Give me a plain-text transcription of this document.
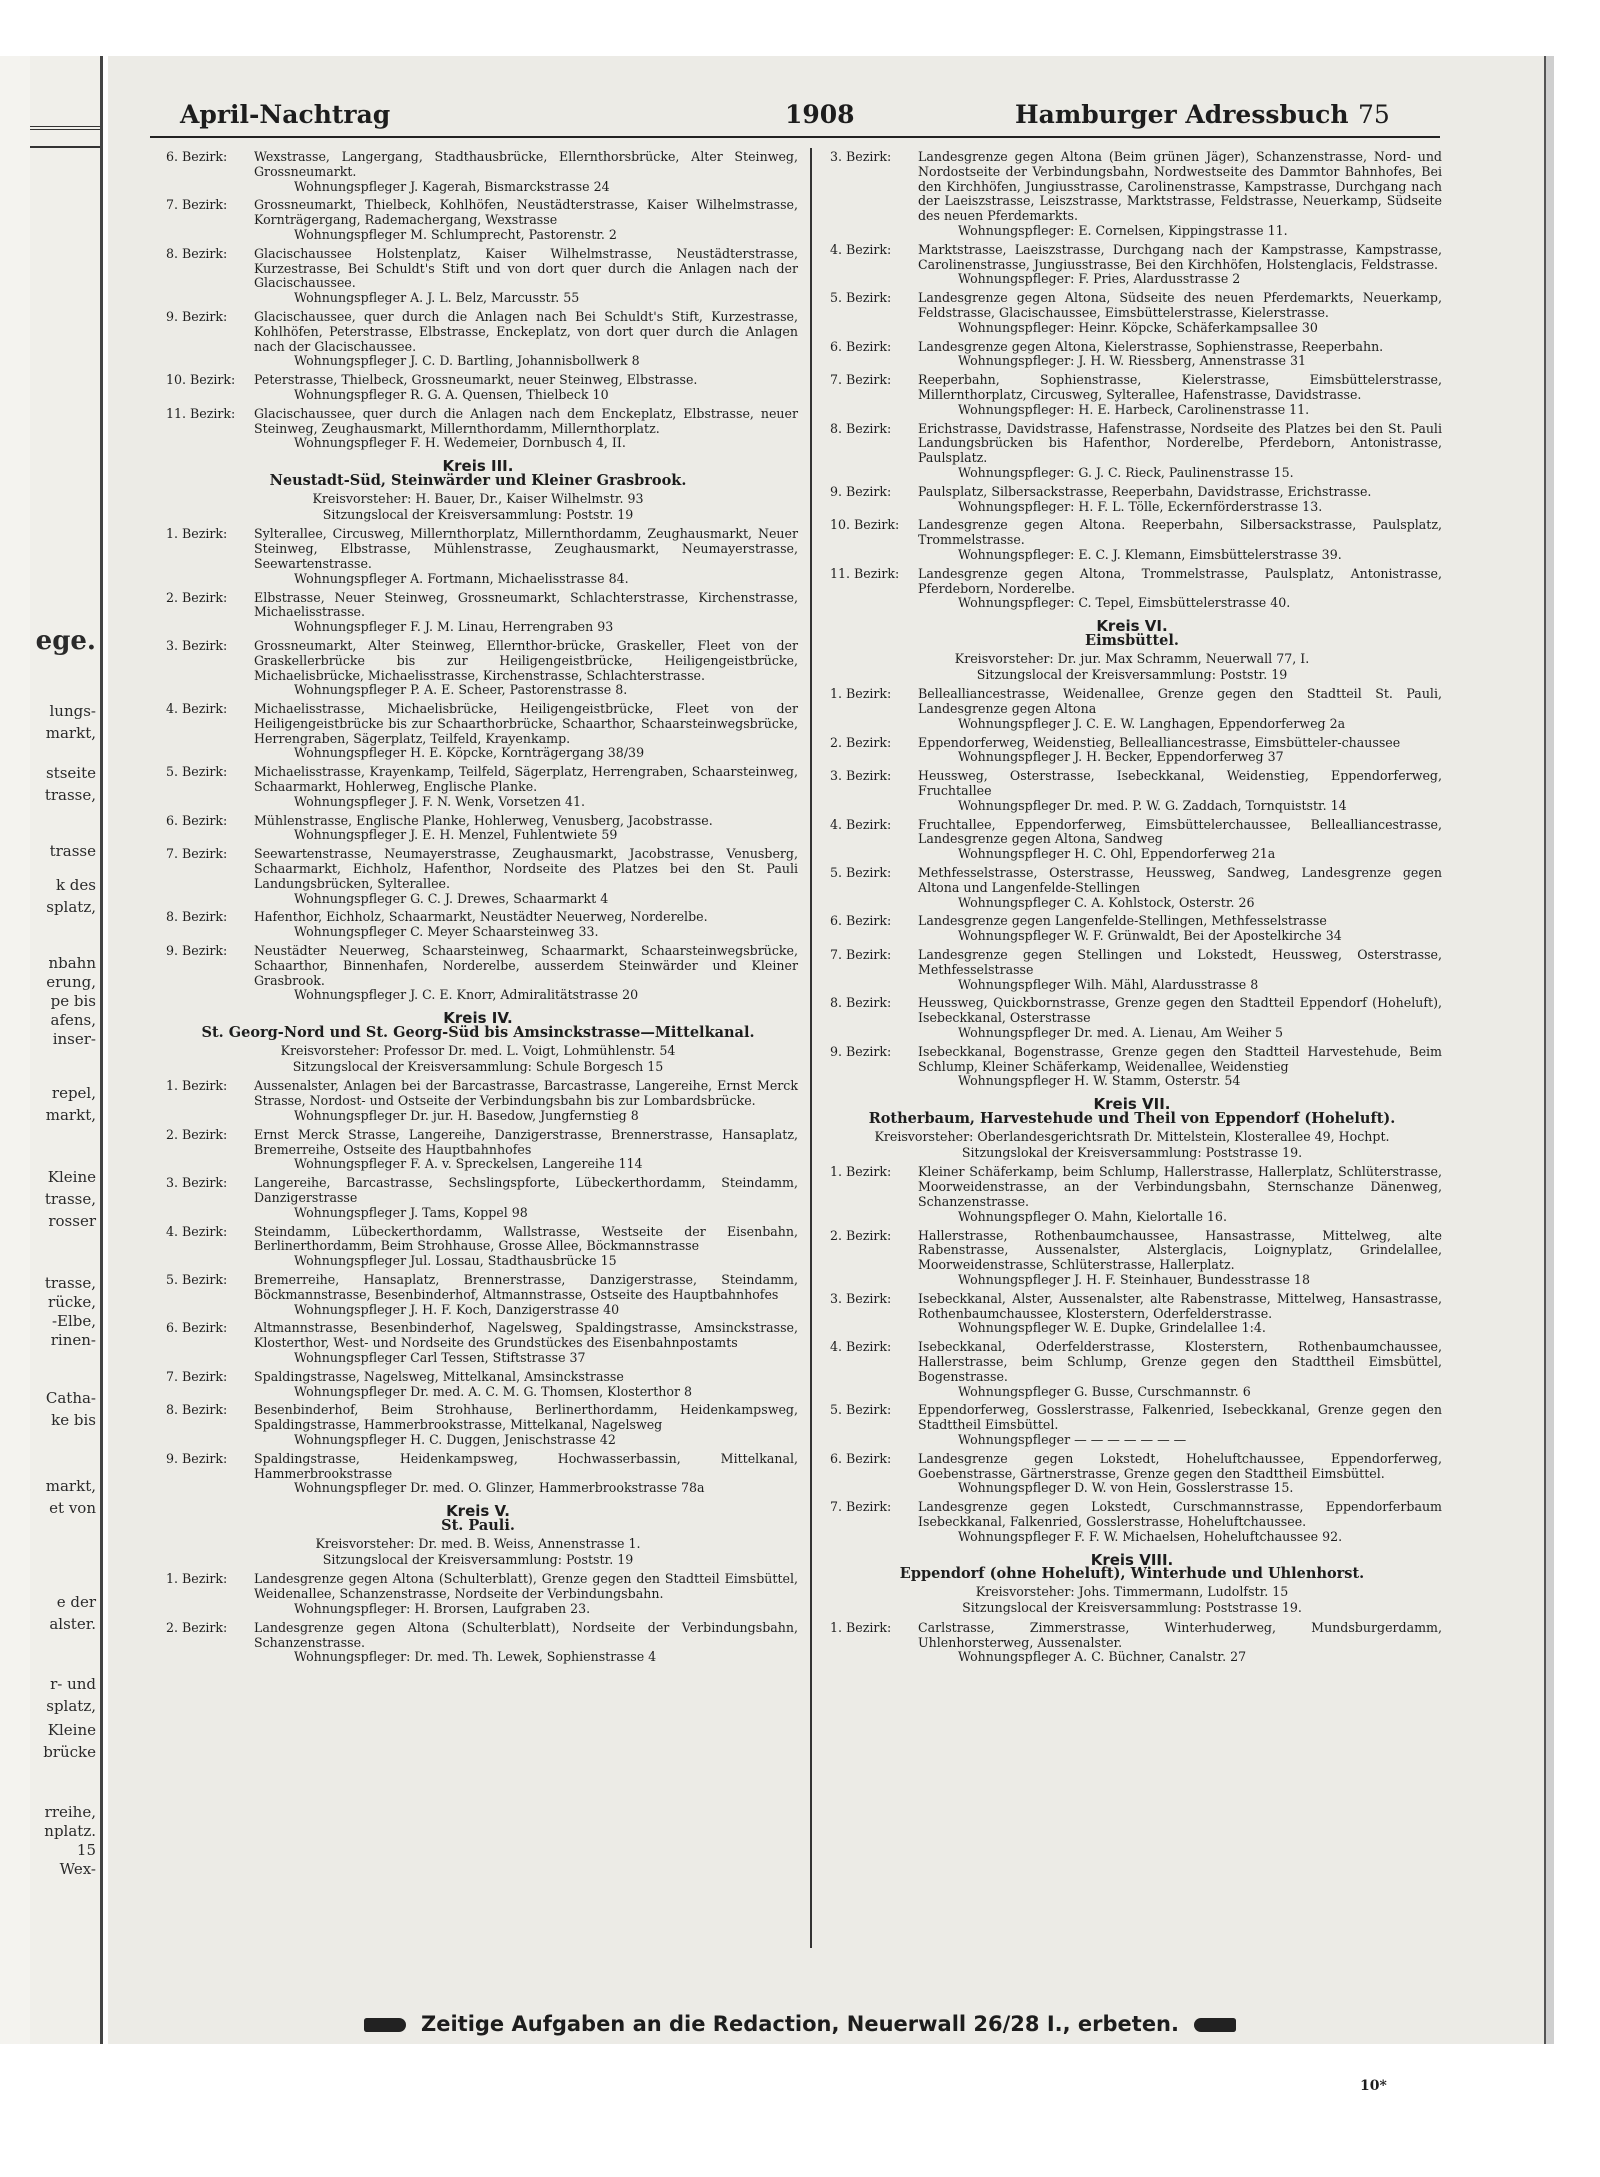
ege.
lungs-
markt,
stseite
trasse,
trasse
k des
splatz,
nbahn
erung,
pe bis
afens,
inser-
repel,
markt,
Kleine
trasse,
rosser
trasse,
rücke,
-Elbe,
rinen-
Catha-
ke bis
markt,
et von
e der
alster.
r- und
splatz,
Kleine
brücke
rreihe,
nplatz.
15
Wex-
April-Nachtrag	1908	Hamburger Adressbuch 75
6. Bezirk:	Wexstrasse, Langergang, Stadthausbrücke, Ellernthorsbrücke, Alter Steinweg, Grossneumarkt.
Wohnungspfleger J. Kagerah, Bismarckstrasse 24
7. Bezirk:	Grossneumarkt, Thielbeck, Kohlhöfen, Neustädterstrasse, Kaiser Wilhelmstrasse, Kornträgergang, Rademachergang, Wexstrasse
Wohnungspfleger M. Schlumprecht, Pastorenstr. 2
8. Bezirk:	Glacischaussee Holstenplatz, Kaiser Wilhelmstrasse, Neustädterstrasse, Kurzestrasse, Bei Schuldt's Stift und von dort quer durch die Anlagen nach der Glacischaussee.
Wohnungspfleger A. J. L. Belz, Marcusstr. 55
9. Bezirk:	Glacischaussee, quer durch die Anlagen nach Bei Schuldt's Stift, Kurzestrasse, Kohlhöfen, Peterstrasse, Elbstrasse, Enckeplatz, von dort quer durch die Anlagen nach der Glacischaussee.
Wohnungspfleger J. C. D. Bartling, Johannisbollwerk 8
10. Bezirk:	Peterstrasse, Thielbeck, Grossneumarkt, neuer Steinweg, Elbstrasse.
Wohnungspfleger R. G. A. Quensen, Thielbeck 10
11. Bezirk:	Glacischaussee, quer durch die Anlagen nach dem Enckeplatz, Elbstrasse, neuer Steinweg, Zeughausmarkt, Millernthordamm, Millernthorplatz.
Wohnungspfleger F. H. Wedemeier, Dornbusch 4, II.
Kreis III.
Neustadt-Süd, Steinwärder und Kleiner Grasbrook.
Kreisvorsteher: H. Bauer, Dr., Kaiser Wilhelmstr. 93
Sitzungslocal der Kreisversammlung: Poststr. 19
1. Bezirk:	Sylterallee, Circusweg, Millernthorplatz, Millernthordamm, Zeughausmarkt, Neuer Steinweg, Elbstrasse, Mühlenstrasse, Zeughausmarkt, Neumayerstrasse, Seewartenstrasse.
Wohnungspfleger A. Fortmann, Michaelisstrasse 84.
2. Bezirk:	Elbstrasse, Neuer Steinweg, Grossneumarkt, Schlachterstrasse, Kirchenstrasse, Michaelisstrasse.
Wohnungspfleger F. J. M. Linau, Herrengraben 93
3. Bezirk:	Grossneumarkt, Alter Steinweg, Ellernthor-brücke, Graskeller, Fleet von der Graskellerbrücke bis zur Heiligengeistbrücke, Heiligengeistbrücke, Michaelisbrücke, Michaelisstrasse, Kirchenstrasse, Schlachterstrasse.
Wohnungspfleger P. A. E. Scheer, Pastorenstrasse 8.
4. Bezirk:	Michaelisstrasse, Michaelisbrücke, Heiligengeistbrücke, Fleet von der Heiligengeistbrücke bis zur Schaarthorbrücke, Schaarthor, Schaarsteinwegsbrücke, Herrengraben, Sägerplatz, Teilfeld, Krayenkamp.
Wohnungspfleger H. E. Köpcke, Kornträgergang 38/39
5. Bezirk:	Michaelisstrasse, Krayenkamp, Teilfeld, Sägerplatz, Herrengraben, Schaarsteinweg, Schaarmarkt, Hohlerweg, Englische Planke.
Wohnungspfleger J. F. N. Wenk, Vorsetzen 41.
6. Bezirk:	Mühlenstrasse, Englische Planke, Hohlerweg, Venusberg, Jacobstrasse.
Wohnungspfleger J. E. H. Menzel, Fuhlentwiete 59
7. Bezirk:	Seewartenstrasse, Neumayerstrasse, Zeughausmarkt, Jacobstrasse, Venusberg, Schaarmarkt, Eichholz, Hafenthor, Nordseite des Platzes bei den St. Pauli Landungsbrücken, Sylterallee.
Wohnungspfleger G. C. J. Drewes, Schaarmarkt 4
8. Bezirk:	Hafenthor, Eichholz, Schaarmarkt, Neustädter Neuerweg, Norderelbe.
Wohnungspfleger C. Meyer Schaarsteinweg 33.
9. Bezirk:	Neustädter Neuerweg, Schaarsteinweg, Schaarmarkt, Schaarsteinwegsbrücke, Schaarthor, Binnenhafen, Norderelbe, ausserdem Steinwärder und Kleiner Grasbrook.
Wohnungspfleger J. C. E. Knorr, Admiralitätstrasse 20
Kreis IV.
St. Georg-Nord und St. Georg-Süd bis Amsinckstrasse—Mittelkanal.
Kreisvorsteher: Professor Dr. med. L. Voigt, Lohmühlenstr. 54
Sitzungslocal der Kreisversammlung: Schule Borgesch 15
1. Bezirk:	Aussenalster, Anlagen bei der Barcastrasse, Barcastrasse, Langereihe, Ernst Merck Strasse, Nordost- und Ostseite der Verbindungsbahn bis zur Lombardsbrücke.
Wohnungspfleger Dr. jur. H. Basedow, Jungfernstieg 8
2. Bezirk:	Ernst Merck Strasse, Langereihe, Danzigerstrasse, Brennerstrasse, Hansaplatz, Bremerreihe, Ostseite des Hauptbahnhofes
Wohnungspfleger F. A. v. Spreckelsen, Langereihe 114
3. Bezirk:	Langereihe, Barcastrasse, Sechslingspforte, Lübeckerthordamm, Steindamm, Danzigerstrasse
Wohnungspfleger J. Tams, Koppel 98
4. Bezirk:	Steindamm, Lübeckerthordamm, Wallstrasse, Westseite der Eisenbahn, Berlinerthordamm, Beim Strohhause, Grosse Allee, Böckmannstrasse
Wohnungspfleger Jul. Lossau, Stadthausbrücke 15
5. Bezirk:	Bremerreihe, Hansaplatz, Brennerstrasse, Danzigerstrasse, Steindamm, Böckmannstrasse, Besenbinderhof, Altmannstrasse, Ostseite des Hauptbahnhofes
Wohnungspfleger J. H. F. Koch, Danzigerstrasse 40
6. Bezirk:	Altmannstrasse, Besenbinderhof, Nagelsweg, Spaldingstrasse, Amsinckstrasse, Klosterthor, West- und Nordseite des Grundstückes des Eisenbahnpostamts
Wohnungspfleger Carl Tessen, Stiftstrasse 37
7. Bezirk:	Spaldingstrasse, Nagelsweg, Mittelkanal, Amsinckstrasse
Wohnungspfleger Dr. med. A. C. M. G. Thomsen, Klosterthor 8
8. Bezirk:	Besenbinderhof, Beim Strohhause, Berlinerthordamm, Heidenkampsweg, Spaldingstrasse, Hammerbrookstrasse, Mittelkanal, Nagelsweg
Wohnungspfleger H. C. Duggen, Jenischstrasse 42
9. Bezirk:	Spaldingstrasse, Heidenkampsweg, Hochwasserbassin, Mittelkanal, Hammerbrookstrasse
Wohnungspfleger Dr. med. O. Glinzer, Hammerbrookstrasse 78a
Kreis V.
St. Pauli.
Kreisvorsteher: Dr. med. B. Weiss, Annenstrasse 1.
Sitzungslocal der Kreisversammlung: Poststr. 19
1. Bezirk:	Landesgrenze gegen Altona (Schulterblatt), Grenze gegen den Stadtteil Eimsbüttel, Weidenallee, Schanzenstrasse, Nordseite der Verbindungsbahn.
Wohnungspfleger: H. Brorsen, Laufgraben 23.
2. Bezirk:	Landesgrenze gegen Altona (Schulterblatt), Nordseite der Verbindungsbahn, Schanzenstrasse.
Wohnungspfleger: Dr. med. Th. Lewek, Sophienstrasse 4
3. Bezirk:	Landesgrenze gegen Altona (Beim grünen Jäger), Schanzenstrasse, Nord- und Nordostseite der Verbindungsbahn, Nordwestseite des Dammtor Bahnhofes, Bei den Kirchhöfen, Jungiusstrasse, Carolinenstrasse, Kampstrasse, Durchgang nach der Laeiszstrasse, Leiszstrasse, Marktstrasse, Feldstrasse, Neuerkamp, Südseite des neuen Pferdemarkts.
Wohnungspfleger: E. Cornelsen, Kippingstrasse 11.
4. Bezirk:	Marktstrasse, Laeiszstrasse, Durchgang nach der Kampstrasse, Kampstrasse, Carolinenstrasse, Jungiusstrasse, Bei den Kirchhöfen, Holstenglacis, Feldstrasse.
Wohnungspfleger: F. Pries, Alardusstrasse 2
5. Bezirk:	Landesgrenze gegen Altona, Südseite des neuen Pferdemarkts, Neuerkamp, Feldstrasse, Glacischaussee, Eimsbüttelerstrasse, Kielerstrasse.
Wohnungspfleger: Heinr. Köpcke, Schäferkampsallee 30
6. Bezirk:	Landesgrenze gegen Altona, Kielerstrasse, Sophienstrasse, Reeperbahn.
Wohnungspfleger: J. H. W. Riessberg, Annenstrasse 31
7. Bezirk:	Reeperbahn, Sophienstrasse, Kielerstrasse, Eimsbüttelerstrasse, Millernthorplatz, Circusweg, Sylterallee, Hafenstrasse, Davidstrasse.
Wohnungspfleger: H. E. Harbeck, Carolinenstrasse 11.
8. Bezirk:	Erichstrasse, Davidstrasse, Hafenstrasse, Nordseite des Platzes bei den St. Pauli Landungsbrücken bis Hafenthor, Norderelbe, Pferdeborn, Antonistrasse, Paulsplatz.
Wohnungspfleger: G. J. C. Rieck, Paulinenstrasse 15.
9. Bezirk:	Paulsplatz, Silbersackstrasse, Reeperbahn, Davidstrasse, Erichstrasse.
Wohnungspfleger: H. F. L. Tölle, Eckernförderstrasse 13.
10. Bezirk:	Landesgrenze gegen Altona. Reeperbahn, Silbersackstrasse, Paulsplatz, Trommelstrasse.
Wohnungspfleger: E. C. J. Klemann, Eimsbüttelerstrasse 39.
11. Bezirk:	Landesgrenze gegen Altona, Trommelstrasse, Paulsplatz, Antonistrasse, Pferdeborn, Norderelbe.
Wohnungspfleger: C. Tepel, Eimsbüttelerstrasse 40.
Kreis VI.
Eimsbüttel.
Kreisvorsteher: Dr. jur. Max Schramm, Neuerwall 77, I.
Sitzungslocal der Kreisversammlung: Poststr. 19
1. Bezirk:	Bellealliancestrasse, Weidenallee, Grenze gegen den Stadtteil St. Pauli, Landesgrenze gegen Altona
Wohnungspfleger J. C. E. W. Langhagen, Eppendorferweg 2a
2. Bezirk:	Eppendorferweg, Weidenstieg, Bellealliancestrasse, Eimsbütteler-chaussee
Wohnungspfleger J. H. Becker, Eppendorferweg 37
3. Bezirk:	Heussweg, Osterstrasse, Isebeckkanal, Weidenstieg, Eppendorferweg, Fruchtallee
Wohnungspfleger Dr. med. P. W. G. Zaddach, Tornquiststr. 14
4. Bezirk:	Fruchtallee, Eppendorferweg, Eimsbüttelerchaussee, Bellealliancestrasse, Landesgrenze gegen Altona, Sandweg
Wohnungspfleger H. C. Ohl, Eppendorferweg 21a
5. Bezirk:	Methfesselstrasse, Osterstrasse, Heussweg, Sandweg, Landesgrenze gegen Altona und Langenfelde-Stellingen
Wohnungspfleger C. A. Kohlstock, Osterstr. 26
6. Bezirk:	Landesgrenze gegen Langenfelde-Stellingen, Methfesselstrasse
Wohnungspfleger W. F. Grünwaldt, Bei der Apostelkirche 34
7. Bezirk:	Landesgrenze gegen Stellingen und Lokstedt, Heussweg, Osterstrasse, Methfesselstrasse
Wohnungspfleger Wilh. Mähl, Alardusstrasse 8
8. Bezirk:	Heussweg, Quickbornstrasse, Grenze gegen den Stadtteil Eppendorf (Hoheluft), Isebeckkanal, Osterstrasse
Wohnungspfleger Dr. med. A. Lienau, Am Weiher 5
9. Bezirk:	Isebeckkanal, Bogenstrasse, Grenze gegen den Stadtteil Harvestehude, Beim Schlump, Kleiner Schäferkamp, Weidenallee, Weidenstieg
Wohnungspfleger H. W. Stamm, Osterstr. 54
Kreis VII.
Rotherbaum, Harvestehude und Theil von Eppendorf (Hoheluft).
Kreisvorsteher: Oberlandesgerichtsrath Dr. Mittelstein, Klosterallee 49, Hochpt.
Sitzungslokal der Kreisversammlung: Poststrasse 19.
1. Bezirk:	Kleiner Schäferkamp, beim Schlump, Hallerstrasse, Hallerplatz, Schlüterstrasse, Moorweidenstrasse, an der Verbindungsbahn, Sternschanze Dänenweg, Schanzenstrasse.
Wohnungspfleger O. Mahn, Kielortalle 16.
2. Bezirk:	Hallerstrasse, Rothenbaumchaussee, Hansastrasse, Mittelweg, alte Rabenstrasse, Aussenalster, Alsterglacis, Loignyplatz, Grindelallee, Moorweidenstrasse, Schlüterstrasse, Hallerplatz.
Wohnungspfleger J. H. F. Steinhauer, Bundesstrasse 18
3. Bezirk:	Isebeckkanal, Alster, Aussenalster, alte Rabenstrasse, Mittelweg, Hansastrasse, Rothenbaumchaussee, Klosterstern, Oderfelderstrasse.
Wohnungspfleger W. E. Dupke, Grindelallee 1:4.
4. Bezirk:	Isebeckkanal, Oderfelderstrasse, Klosterstern, Rothenbaumchaussee, Hallerstrasse, beim Schlump, Grenze gegen den Stadttheil Eimsbüttel, Bogenstrasse.
Wohnungspfleger G. Busse, Curschmannstr. 6
5. Bezirk:	Eppendorferweg, Gosslerstrasse, Falkenried, Isebeckkanal, Grenze gegen den Stadttheil Eimsbüttel.
Wohnungspfleger — — — — — — —
6. Bezirk:	Landesgrenze gegen Lokstedt, Hoheluftchaussee, Eppendorferweg, Goebenstrasse, Gärtnerstrasse, Grenze gegen den Stadttheil Eimsbüttel.
Wohnungspfleger D. W. von Hein, Gosslerstrasse 15.
7. Bezirk:	Landesgrenze gegen Lokstedt, Curschmannstrasse, Eppendorferbaum Isebeckkanal, Falkenried, Gosslerstrasse, Hoheluftchaussee.
Wohnungspfleger F. F. W. Michaelsen, Hoheluftchaussee 92.
Kreis VIII.
Eppendorf (ohne Hoheluft), Winterhude und Uhlenhorst.
Kreisvorsteher: Johs. Timmermann, Ludolfstr. 15
Sitzungslocal der Kreisversammlung: Poststrasse 19.
1. Bezirk:	Carlstrasse, Zimmerstrasse, Winterhuderweg, Mundsburgerdamm, Uhlenhorsterweg, Aussenalster.
Wohnungspfleger A. C. Büchner, Canalstr. 27
Zeitige Aufgaben an die Redaction, Neuerwall 26/28 I., erbeten.
10*
